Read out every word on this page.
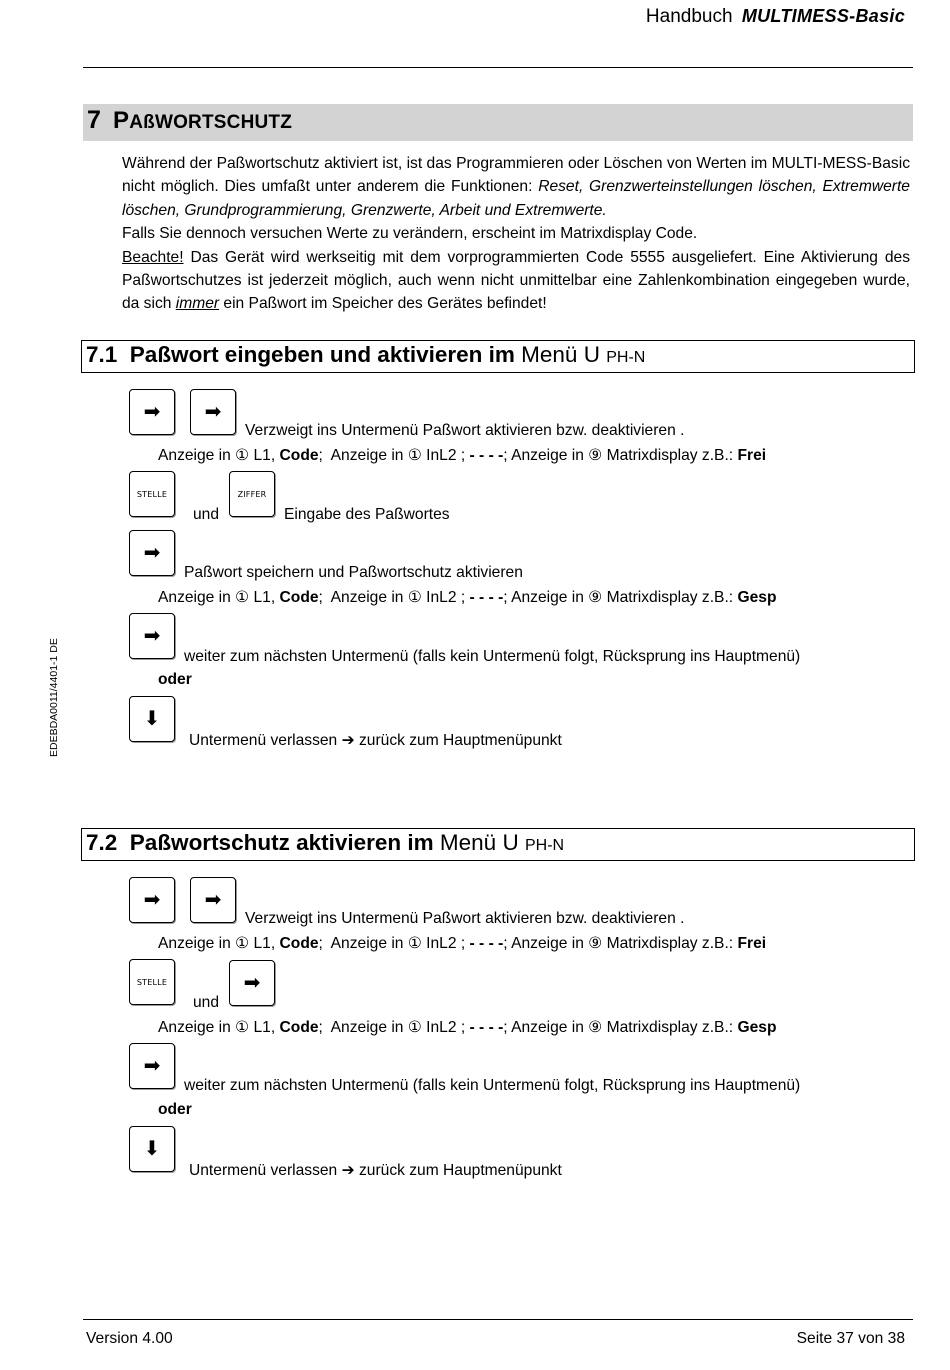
Handbuch MULTIMESS-Basic
7 PAßWORTSCHUTZ

Während der Paßwortschutz aktiviert ist, ist das Programmieren oder Löschen von Werten im MULTI-MESS-Basic nicht möglich. Dies umfaßt unter anderem die Funktionen: Reset, Grenzwerteinstellungen löschen, Extremwerte löschen, Grundprogrammierung, Grenzwerte, Arbeit und Extremwerte.

Falls Sie dennoch versuchen Werte zu verändern, erscheint im Matrixdisplay Code.

Beachte! Das Gerät wird werkseitig mit dem vorprogrammierten Code 5555 ausgeliefert. Eine Aktivierung des Paßwortschutzes ist jederzeit möglich, auch wenn nicht unmittelbar eine Zahlenkombination eingegeben wurde, da sich immer ein Paßwort im Speicher des Gerätes befindet!

7.1 Paßwort eingeben und aktivieren im Menü U PH-N
➡ ➡
Verzweigt ins Untermenü Paßwort aktivieren bzw. deaktivieren .
Anzeige in ① L1, Code;  Anzeige in ① InL2 ; - - - -; Anzeige in ⑨ Matrixdisplay z.B.: Frei
STELLE
und
ZIFFER
Eingabe des Paßwortes
➡
Paßwort speichern und Paßwortschutz aktivieren
Anzeige in ① L1, Code;  Anzeige in ① InL2 ; - - - -; Anzeige in ⑨ Matrixdisplay z.B.: Gesp
➡
weiter zum nächsten Untermenü (falls kein Untermenü folgt, Rücksprung ins Hauptmenü)
oder
⬇
Untermenü verlassen ➔ zurück zum Hauptmenüpunkt
7.2 Paßwortschutz aktivieren im Menü U PH-N
➡ ➡
Verzweigt ins Untermenü Paßwort aktivieren bzw. deaktivieren .
Anzeige in ① L1, Code;  Anzeige in ① InL2 ; - - - -; Anzeige in ⑨ Matrixdisplay z.B.: Frei
STELLE
und
➡
Anzeige in ① L1, Code;  Anzeige in ① InL2 ; - - - -; Anzeige in ⑨ Matrixdisplay z.B.: Gesp
➡
weiter zum nächsten Untermenü (falls kein Untermenü folgt, Rücksprung ins Hauptmenü)
oder
⬇
Untermenü verlassen ➔ zurück zum Hauptmenüpunkt
EDEBDA0011/4401-1 DE
Version 4.00	Seite 37 von 38
